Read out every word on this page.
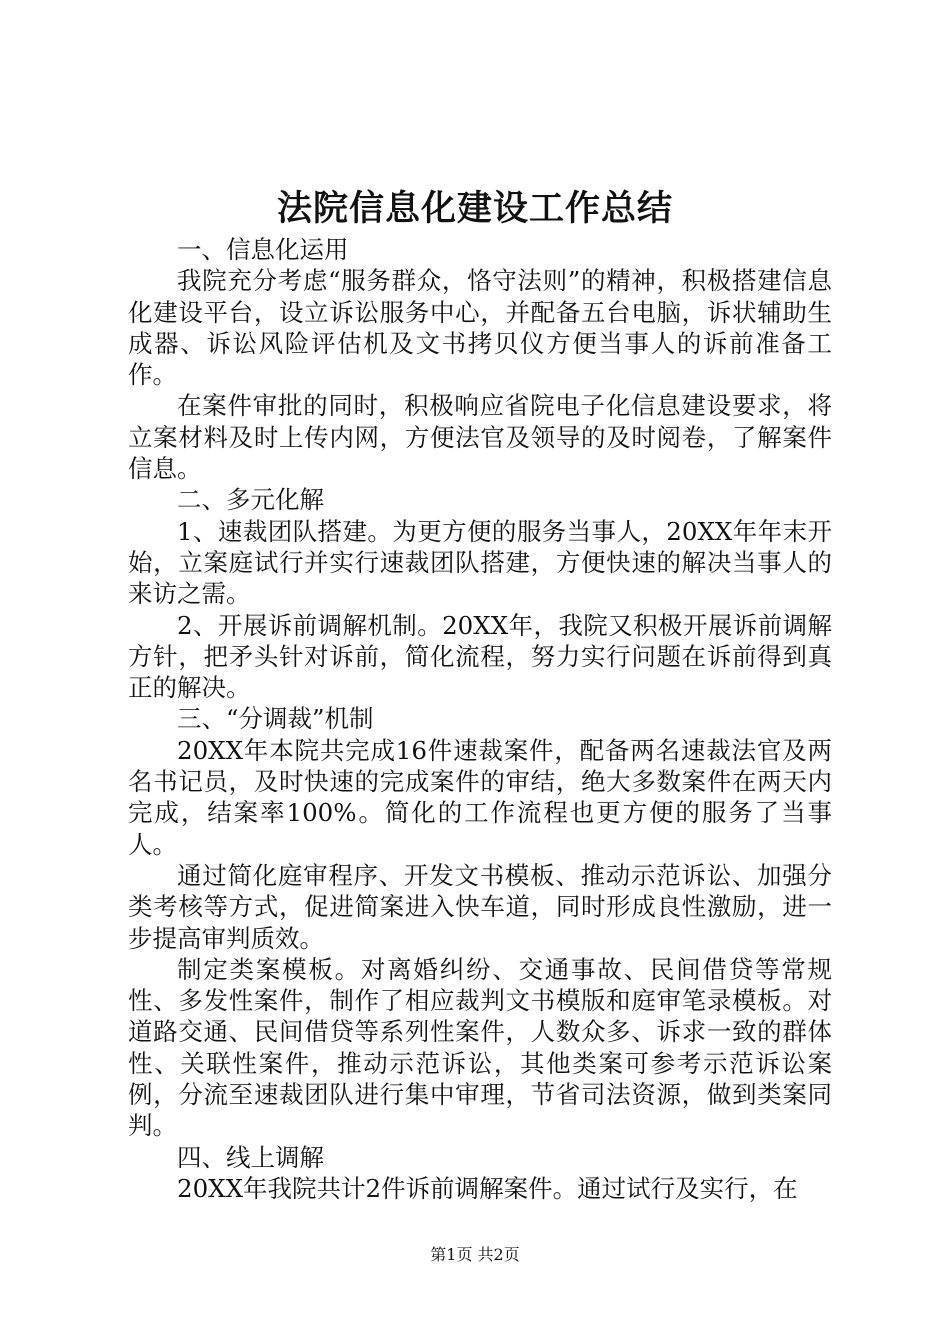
法院信息化建设工作总结

一、信息化运用

我院充分考虑“服务群众，恪守法则”的精神，积极搭建信息化建设平台，设立诉讼服务中心，并配备五台电脑，诉状辅助生成器、诉讼风险评估机及文书拷贝仪方便当事人的诉前准备工作。

在案件审批的同时，积极响应省院电子化信息建设要求，将立案材料及时上传内网，方便法官及领导的及时阅卷，了解案件信息。

二、多元化解

1、速裁团队搭建。为更方便的服务当事人，20XX年年末开始，立案庭试行并实行速裁团队搭建，方便快速的解决当事人的来访之需。

2、开展诉前调解机制。20XX年，我院又积极开展诉前调解方针，把矛头针对诉前，简化流程，努力实行问题在诉前得到真正的解决。

三、“分调裁”机制

20XX年本院共完成16件速裁案件，配备两名速裁法官及两名书记员，及时快速的完成案件的审结，绝大多数案件在两天内完成，结案率100%。简化的工作流程也更方便的服务了当事人。

通过简化庭审程序、开发文书模板、推动示范诉讼、加强分类考核等方式，促进简案进入快车道，同时形成良性激励，进一步提高审判质效。

制定类案模板。对离婚纠纷、交通事故、民间借贷等常规性、多发性案件，制作了相应裁判文书模版和庭审笔录模板。对道路交通、民间借贷等系列性案件，人数众多、诉求一致的群体性、关联性案件，推动示范诉讼，其他类案可参考示范诉讼案例，分流至速裁团队进行集中审理，节省司法资源，做到类案同判。

四、线上调解

20XX年我院共计2件诉前调解案件。通过试行及实行，在

第1页 共2页
